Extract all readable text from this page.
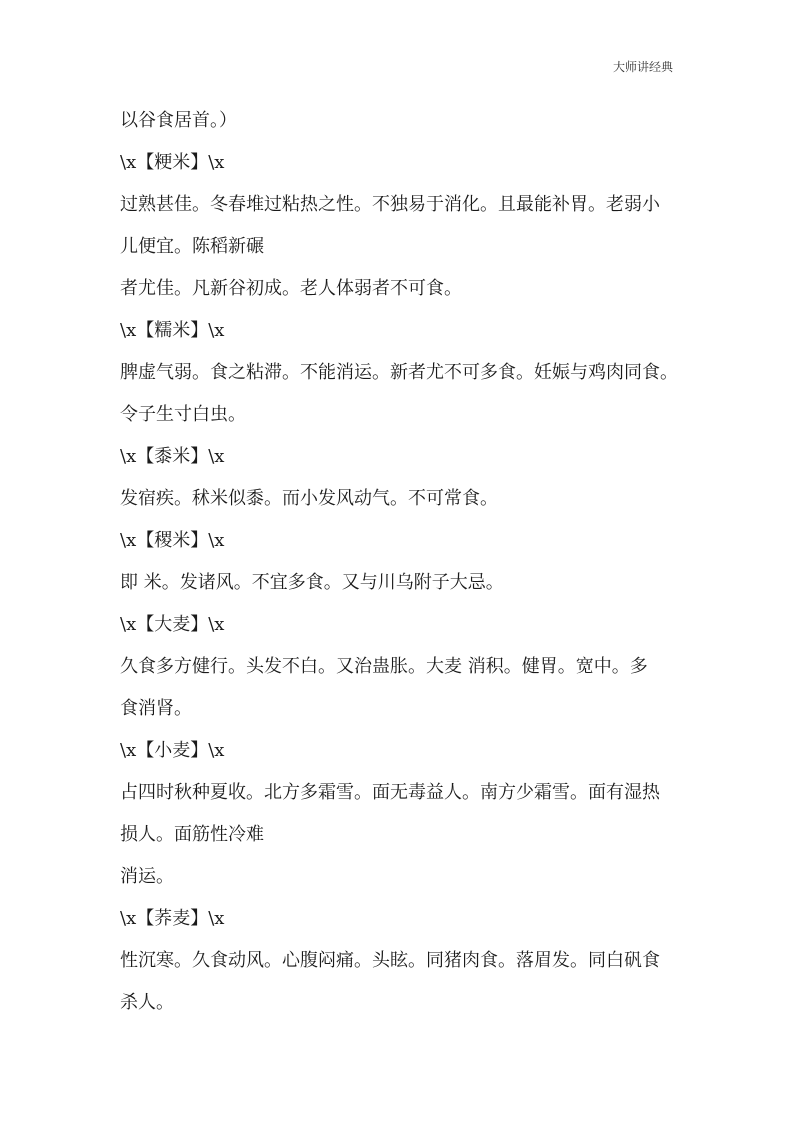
大师讲经典
以谷食居首。）
\x【粳米】\x
过熟甚佳。冬春堆过粘热之性。不独易于消化。且最能补胃。老弱小
儿便宜。陈稻新碾
者尤佳。凡新谷初成。老人体弱者不可食。
\x【糯米】\x
脾虚气弱。食之粘滞。不能消运。新者尤不可多食。妊娠与鸡肉同食。
令子生寸白虫。
\x【黍米】\x
发宿疾。秫米似黍。而小发风动气。不可常食。
\x【稷米】\x
即 米。发诸风。不宜多食。又与川乌附子大忌。
\x【大麦】\x
久食多方健行。头发不白。又治蛊胀。大麦 消积。健胃。宽中。多
食消肾。
\x【小麦】\x
占四时秋种夏收。北方多霜雪。面无毒益人。南方少霜雪。面有湿热
损人。面筋性冷难
消运。
\x【荞麦】\x
性沉寒。久食动风。心腹闷痛。头眩。同猪肉食。落眉发。同白矾食
杀人。
